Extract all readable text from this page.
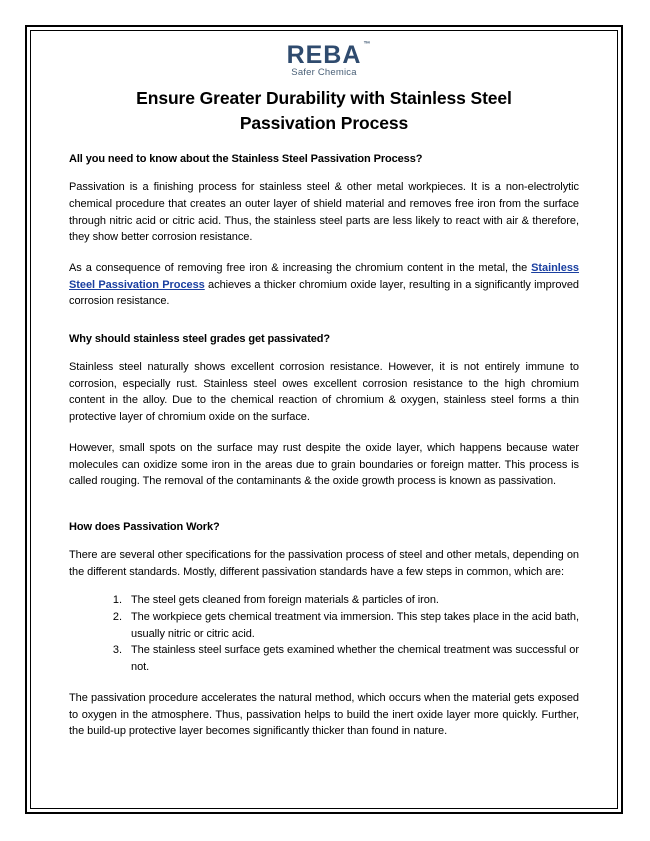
REBA ™
Safer Chemica
Ensure Greater Durability with Stainless Steel
Passivation Process
All you need to know about the Stainless Steel Passivation Process?

Passivation is a finishing process for stainless steel & other metal workpieces. It is a non-electrolytic chemical procedure that creates an outer layer of shield material and removes free iron from the surface through nitric acid or citric acid. Thus, the stainless steel parts are less likely to react with air & therefore, they show better corrosion resistance.

As a consequence of removing free iron & increasing the chromium content in the metal, the Stainless Steel Passivation Process achieves a thicker chromium oxide layer, resulting in a significantly improved corrosion resistance.

Why should stainless steel grades get passivated?

Stainless steel naturally shows excellent corrosion resistance. However, it is not entirely immune to corrosion, especially rust. Stainless steel owes excellent corrosion resistance to the high chromium content in the alloy. Due to the chemical reaction of chromium & oxygen, stainless steel forms a thin protective layer of chromium oxide on the surface.

However, small spots on the surface may rust despite the oxide layer, which happens because water molecules can oxidize some iron in the areas due to grain boundaries or foreign matter. This process is called rouging. The removal of the contaminants & the oxide growth process is known as passivation.

How does Passivation Work?

There are several other specifications for the passivation process of steel and other metals, depending on the different standards. Mostly, different passivation standards have a few steps in common, which are:

1. The steel gets cleaned from foreign materials & particles of iron.
2. The workpiece gets chemical treatment via immersion. This step takes place in the acid bath, usually nitric or citric acid.
3. The stainless steel surface gets examined whether the chemical treatment was successful or not.

The passivation procedure accelerates the natural method, which occurs when the material gets exposed to oxygen in the atmosphere. Thus, passivation helps to build the inert oxide layer more quickly. Further, the build-up protective layer becomes significantly thicker than found in nature.
